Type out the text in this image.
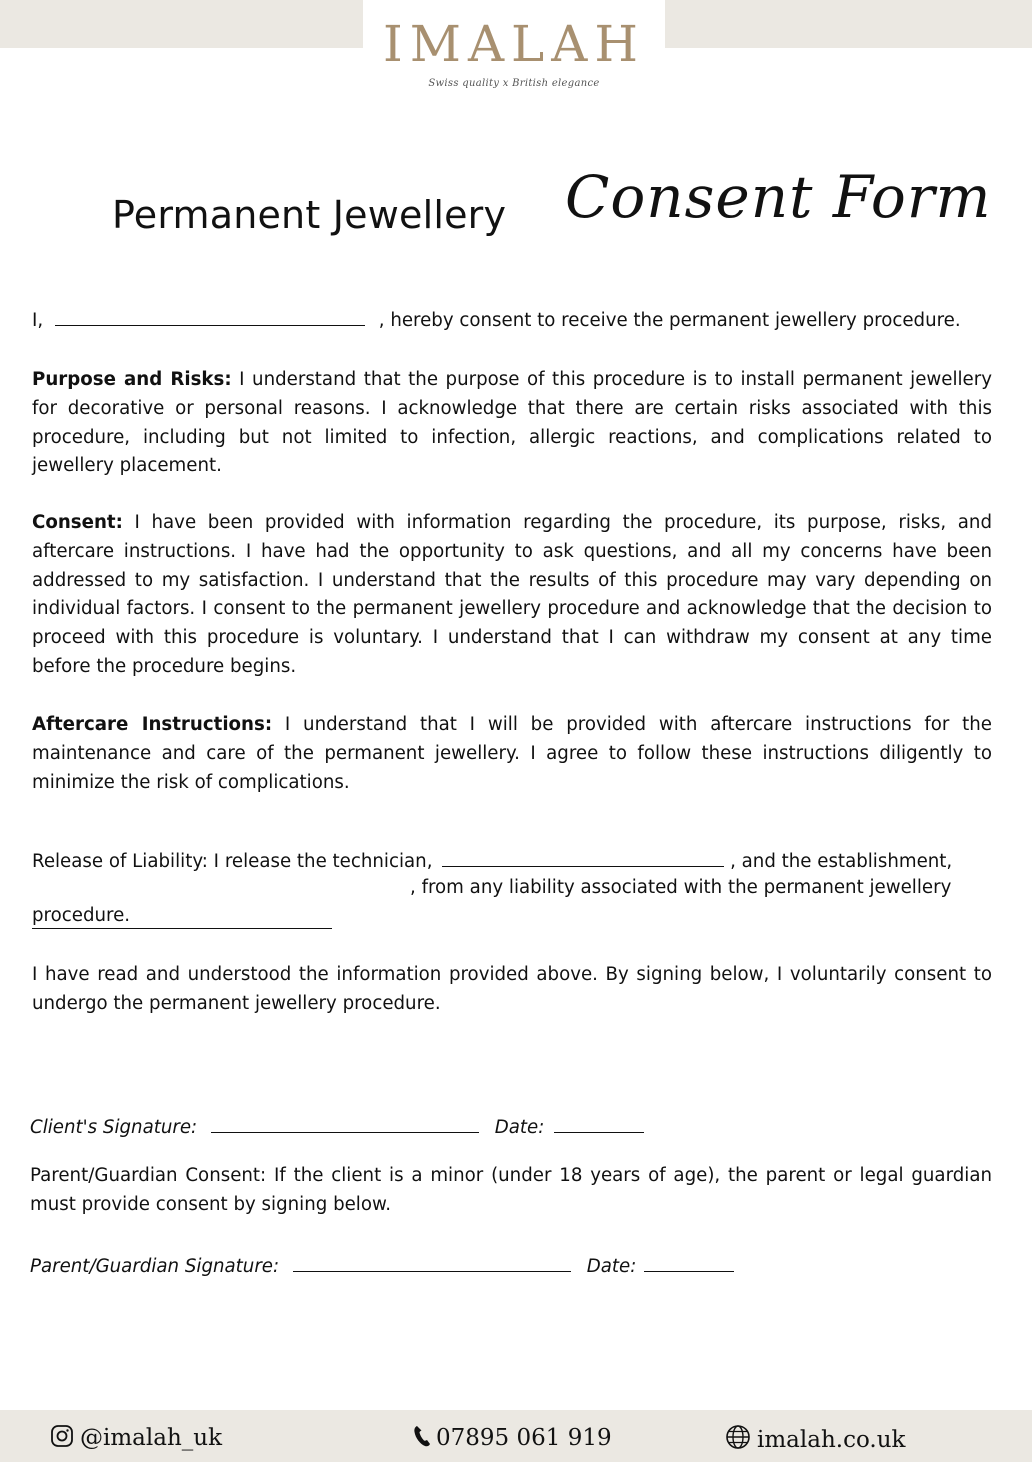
IMALAH
Swiss quality x British elegance
Permanent Jewellery Consent Form
I,	, hereby consent to receive the permanent jewellery procedure.
Purpose and Risks: I understand that the purpose of this procedure is to install permanent jewellery for decorative or personal reasons. I acknowledge that there are certain risks associated with this procedure, including but not limited to infection, allergic reactions, and complications related to jewellery placement.
Consent: I have been provided with information regarding the procedure, its purpose, risks, and aftercare instructions. I have had the opportunity to ask questions, and all my concerns have been addressed to my satisfaction. I understand that the results of this procedure may vary depending on individual factors. I consent to the permanent jewellery procedure and acknowledge that the decision to proceed with this procedure is voluntary. I understand that I can withdraw my consent at any time before the procedure begins.
Aftercare Instructions: I understand that I will be provided with aftercare instructions for the maintenance and care of the permanent jewellery. I agree to follow these instructions diligently to minimize the risk of complications.
Release of Liability: I release the technician,	, and the establishment,
, from any liability associated with the permanent jewellery
procedure.
I have read and understood the information provided above. By signing below, I voluntarily consent to undergo the permanent jewellery procedure.
Client's Signature:	Date:
Parent/Guardian Consent: If the client is a minor (under 18 years of age), the parent or legal guardian must provide consent by signing below.
Parent/Guardian Signature:	Date:
@imalah_uk	07895 061 919	imalah.co.uk
